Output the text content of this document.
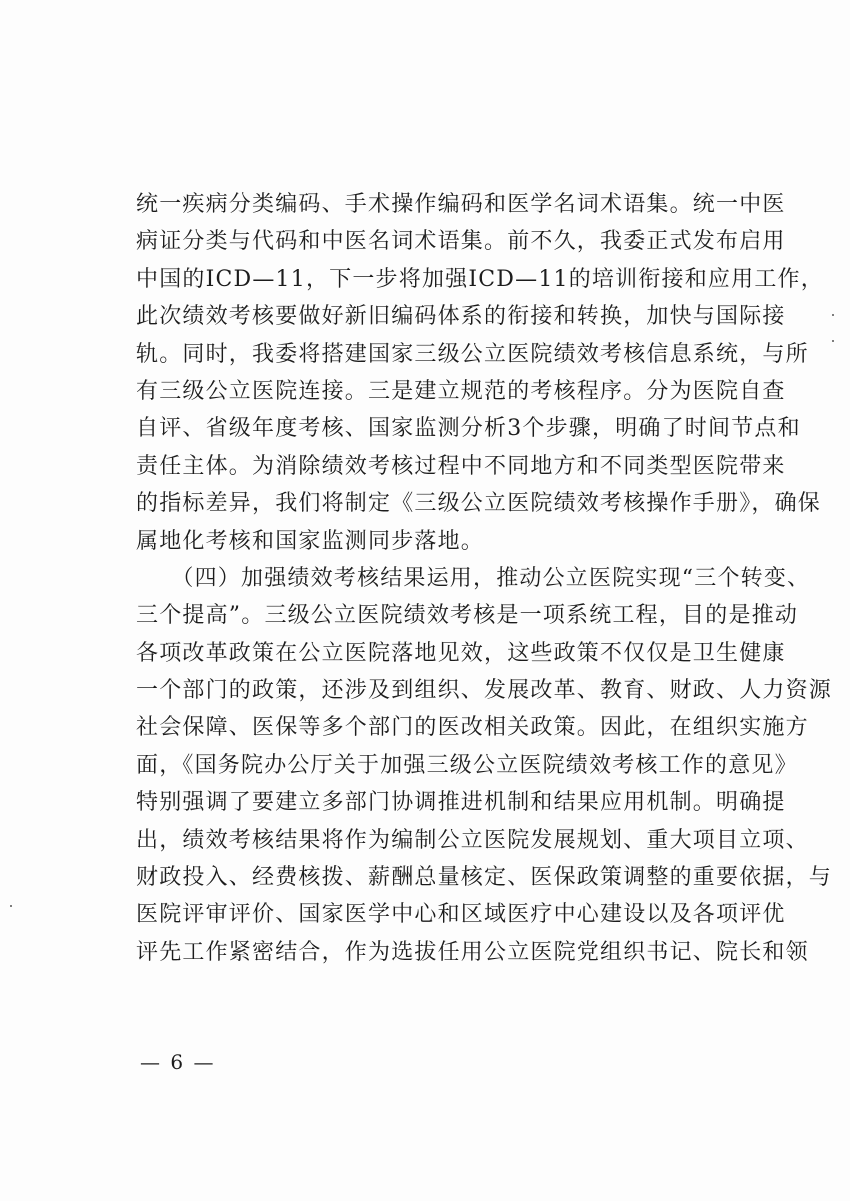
统一疾病分类编码、手术操作编码和医学名词术语集。统一中医
病证分类与代码和中医名词术语集。前不久，我委正式发布启用
中国的ICD—11，下一步将加强ICD—11的培训衔接和应用工作，
此次绩效考核要做好新旧编码体系的衔接和转换，加快与国际接
轨。同时，我委将搭建国家三级公立医院绩效考核信息系统，与所
有三级公立医院连接。三是建立规范的考核程序。分为医院自查
自评、省级年度考核、国家监测分析3个步骤，明确了时间节点和
责任主体。为消除绩效考核过程中不同地方和不同类型医院带来
的指标差异，我们将制定《三级公立医院绩效考核操作手册》，确保
属地化考核和国家监测同步落地。
　　（四）加强绩效考核结果运用，推动公立医院实现“三个转变、
三个提高”。三级公立医院绩效考核是一项系统工程，目的是推动
各项改革政策在公立医院落地见效，这些政策不仅仅是卫生健康
一个部门的政策，还涉及到组织、发展改革、教育、财政、人力资源
社会保障、医保等多个部门的医改相关政策。因此，在组织实施方
面，《国务院办公厅关于加强三级公立医院绩效考核工作的意见》
特别强调了要建立多部门协调推进机制和结果应用机制。明确提
出，绩效考核结果将作为编制公立医院发展规划、重大项目立项、
财政投入、经费核拨、薪酬总量核定、医保政策调整的重要依据，与
医院评审评价、国家医学中心和区域医疗中心建设以及各项评优
评先工作紧密结合，作为选拔任用公立医院党组织书记、院长和领
— 6 —
